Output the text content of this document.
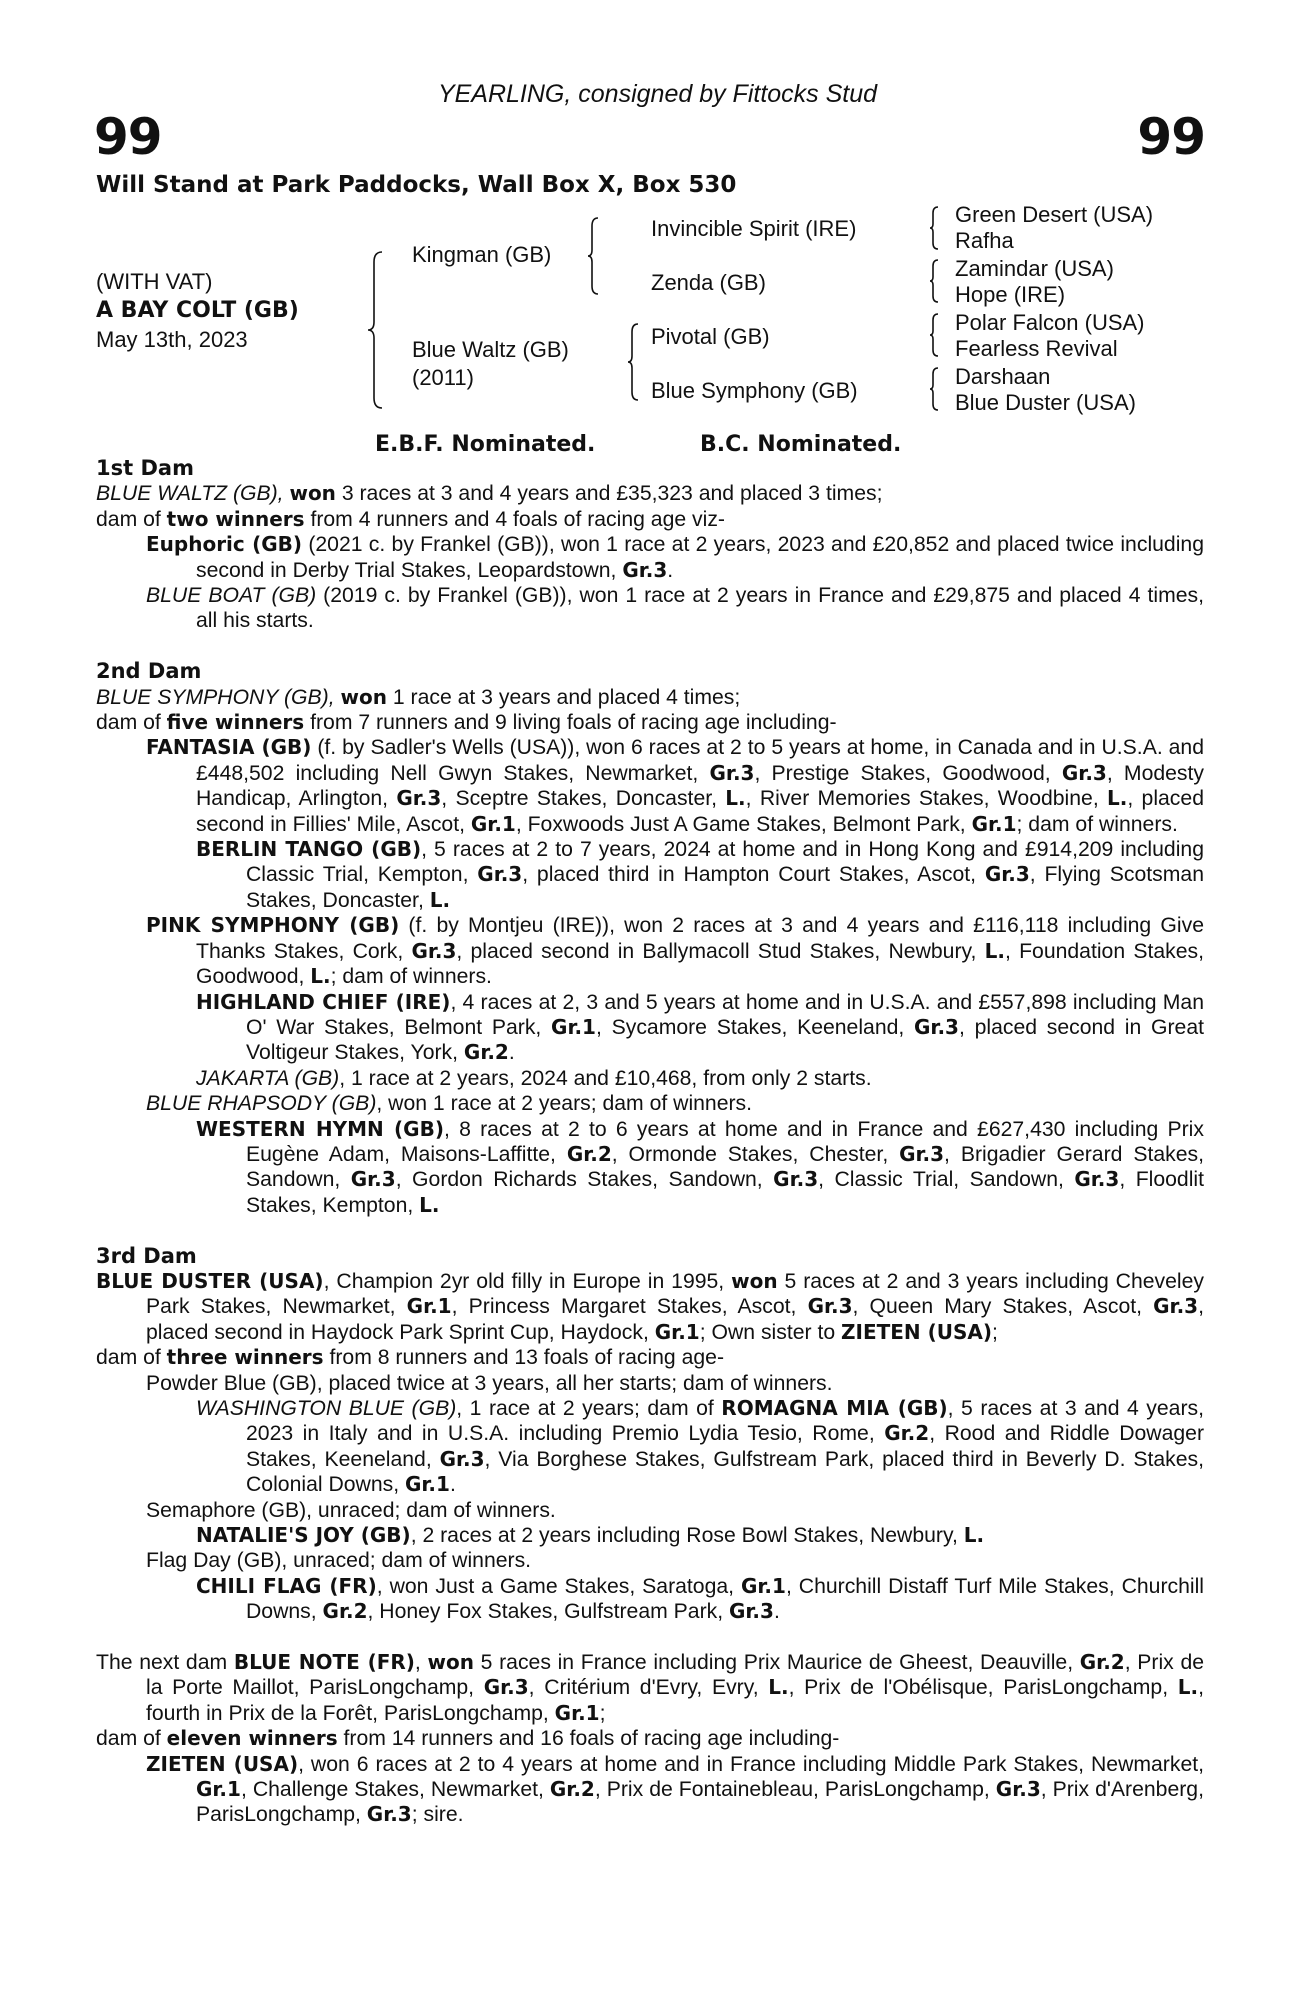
YEARLING, consigned by Fittocks Stud
99	99
Will Stand at Park Paddocks, Wall Box X, Box 530
(WITH VAT)
A BAY COLT (GB)
May 13th, 2023
Kingman (GB)
Blue Waltz (GB)
(2011)
Invincible Spirit (IRE)
Zenda (GB)
Pivotal (GB)
Blue Symphony (GB)
Green Desert (USA)
Rafha
Zamindar (USA)
Hope (IRE)
Polar Falcon (USA)
Fearless Revival
Darshaan
Blue Duster (USA)
E.B.F. Nominated.	B.C. Nominated.

1st Dam

BLUE WALTZ (GB), won 3 races at 3 and 4 years and £35,323 and placed 3 times;

dam of two winners from 4 runners and 4 foals of racing age viz-

Euphoric (GB) (2021 c. by Frankel (GB)), won 1 race at 2 years, 2023 and £20,852 and placed twice including second in Derby Trial Stakes, Leopardstown, Gr.3.

BLUE BOAT (GB) (2019 c. by Frankel (GB)), won 1 race at 2 years in France and £29,875 and placed 4 times, all his starts.

2nd Dam

BLUE SYMPHONY (GB), won 1 race at 3 years and placed 4 times;

dam of five winners from 7 runners and 9 living foals of racing age including-

FANTASIA (GB) (f. by Sadler's Wells (USA)), won 6 races at 2 to 5 years at home, in Canada and in U.S.A. and £448,502 including Nell Gwyn Stakes, Newmarket, Gr.3, Prestige Stakes, Goodwood, Gr.3, Modesty Handicap, Arlington, Gr.3, Sceptre Stakes, Doncaster, L., River Memories Stakes, Woodbine, L., placed second in Fillies' Mile, Ascot, Gr.1, Foxwoods Just A Game Stakes, Belmont Park, Gr.1; dam of winners.

BERLIN TANGO (GB), 5 races at 2 to 7 years, 2024 at home and in Hong Kong and £914,209 including Classic Trial, Kempton, Gr.3, placed third in Hampton Court Stakes, Ascot, Gr.3, Flying Scotsman Stakes, Doncaster, L.

PINK SYMPHONY (GB) (f. by Montjeu (IRE)), won 2 races at 3 and 4 years and £116,118 including Give Thanks Stakes, Cork, Gr.3, placed second in Ballymacoll Stud Stakes, Newbury, L., Foundation Stakes, Goodwood, L.; dam of winners.

HIGHLAND CHIEF (IRE), 4 races at 2, 3 and 5 years at home and in U.S.A. and £557,898 including Man O' War Stakes, Belmont Park, Gr.1, Sycamore Stakes, Keeneland, Gr.3, placed second in Great Voltigeur Stakes, York, Gr.2.

JAKARTA (GB), 1 race at 2 years, 2024 and £10,468, from only 2 starts.

BLUE RHAPSODY (GB), won 1 race at 2 years; dam of winners.

WESTERN HYMN (GB), 8 races at 2 to 6 years at home and in France and £627,430 including Prix Eugène Adam, Maisons-Laffitte, Gr.2, Ormonde Stakes, Chester, Gr.3, Brigadier Gerard Stakes, Sandown, Gr.3, Gordon Richards Stakes, Sandown, Gr.3, Classic Trial, Sandown, Gr.3, Floodlit Stakes, Kempton, L.

3rd Dam

BLUE DUSTER (USA), Champion 2yr old filly in Europe in 1995, won 5 races at 2 and 3 years including Cheveley Park Stakes, Newmarket, Gr.1, Princess Margaret Stakes, Ascot, Gr.3, Queen Mary Stakes, Ascot, Gr.3, placed second in Haydock Park Sprint Cup, Haydock, Gr.1; Own sister to ZIETEN (USA);

dam of three winners from 8 runners and 13 foals of racing age-

Powder Blue (GB), placed twice at 3 years, all her starts; dam of winners.

WASHINGTON BLUE (GB), 1 race at 2 years; dam of ROMAGNA MIA (GB), 5 races at 3 and 4 years, 2023 in Italy and in U.S.A. including Premio Lydia Tesio, Rome, Gr.2, Rood and Riddle Dowager Stakes, Keeneland, Gr.3, Via Borghese Stakes, Gulfstream Park, placed third in Beverly D. Stakes, Colonial Downs, Gr.1.

Semaphore (GB), unraced; dam of winners.

NATALIE'S JOY (GB), 2 races at 2 years including Rose Bowl Stakes, Newbury, L.

Flag Day (GB), unraced; dam of winners.

CHILI FLAG (FR), won Just a Game Stakes, Saratoga, Gr.1, Churchill Distaff Turf Mile Stakes, Churchill Downs, Gr.2, Honey Fox Stakes, Gulfstream Park, Gr.3.

The next dam BLUE NOTE (FR), won 5 races in France including Prix Maurice de Gheest, Deauville, Gr.2, Prix de la Porte Maillot, ParisLongchamp, Gr.3, Critérium d'Evry, Evry, L., Prix de l'Obélisque, ParisLongchamp, L., fourth in Prix de la Forêt, ParisLongchamp, Gr.1;

dam of eleven winners from 14 runners and 16 foals of racing age including-

ZIETEN (USA), won 6 races at 2 to 4 years at home and in France including Middle Park Stakes, Newmarket, Gr.1, Challenge Stakes, Newmarket, Gr.2, Prix de Fontainebleau, ParisLongchamp, Gr.3, Prix d'Arenberg, ParisLongchamp, Gr.3; sire.
